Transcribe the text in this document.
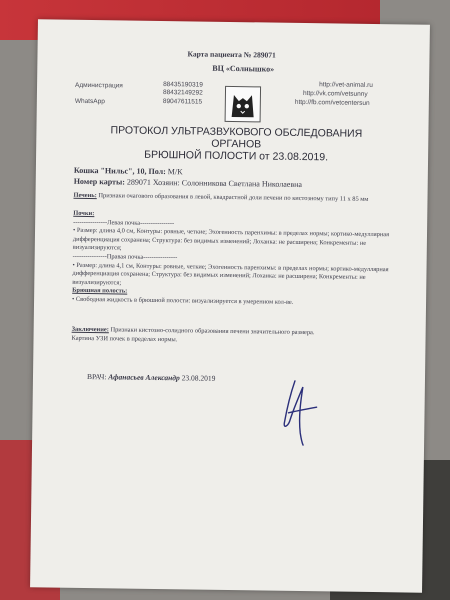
Карта пациента № 289071
ВЦ «Солнышко»
Администрация	88435190319
88432149292
WhatsApp	89047611515
http://vet-animal.ru
http://vk.com/vetsunny
http://fb.com/vetcentersun
ПРОТОКОЛ УЛЬТРАЗВУКОВОГО ОБСЛЕДОВАНИЯ ОРГАНОВ
БРЮШНОЙ ПОЛОСТИ от 23.08.2019.
Кошка "Нильс", 10, Пол: М/К
Номер карты: 289071 Хозяин: Солонникова Светлана Николаевна
Печень: Признаки очагового образования в левой, квадрастной доли печени по кистозному типу 11 х 85 мм
Почки:
----------------Левая почка----------------
• Размер: длина 4,0 см, Контуры: ровные, четкие; Эхогенность паренхимы: в пределах нормы; кортико-медуллярная дифференциация сохранена; Структура: без видимых изменений; Лоханка: не расширена; Конкременты: не визуализируются;
----------------Правая почка----------------
• Размер: длина 4,1 см, Контуры: ровные, четкие; Эхогенность паренхимы: в пределах нормы; кортико-медуллярная дифференциация сохранена; Структура: без видимых изменений; Лоханка: не расширена; Конкременты: не визуализируются;
Брюшная полость:
• Свободная жидкость в брюшной полости: визуализируется в умеренном кол-ве.
Заключение: Признаки кистозно-солидного образования печени значительного размера.
Картина УЗИ почек в пределах нормы.
ВРАЧ: Афанасьев Александр 23.08.2019
